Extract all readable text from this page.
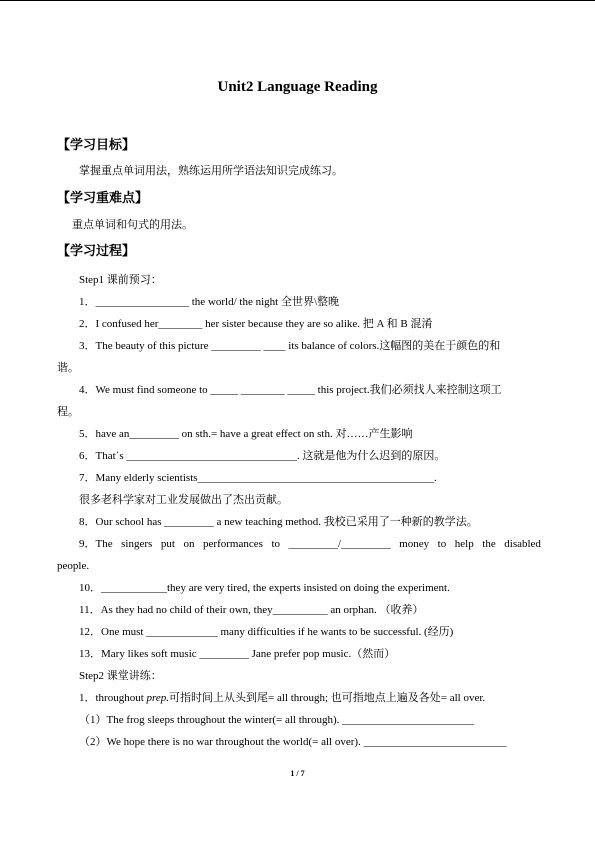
Unit2 Language Reading
【学习目标】
掌握重点单词用法，熟练运用所学语法知识完成练习。
【学习重难点】
重点单词和句式的用法。
【学习过程】
Step1 课前预习：
1．_________________ the world/ the night 全世界\整晚
2．I confused her________ her sister because they are so alike. 把 A 和 B 混淆
3．The beauty of this picture _________ ____ its balance of colors.这幅图的美在于颜色的和
谐。
4．We must find someone to _____ ________ _____ this project.我们必须找人来控制这项工
程。
5．have an_________ on sth.= have a great effect on sth. 对……产生影响
6．That᾿s _______________________________. 这就是他为什么迟到的原因。
7．Many elderly scientists___________________________________________.
很多老科学家对工业发展做出了杰出贡献。
8．Our school has _________ a new teaching method. 我校已采用了一种新的教学法。
9．The singers put on performances to _________/_________ money to help the disabled
people.
10．____________they are very tired, the experts insisted on doing the experiment.
11．As they had no child of their own, they__________ an orphan. （收养）
12．One must _____________ many difficulties if he wants to be successful. (经历)
13．Mary likes soft music _________ Jane prefer pop music.（然而）
Step2 课堂讲练：
1．throughout prep.可指时间上从头到尾= all through; 也可指地点上遍及各处= all over.
（1）The frog sleeps throughout the winter(= all through). ________________________
（2）We hope there is no war throughout the world(= all over). __________________________
1 / 7
